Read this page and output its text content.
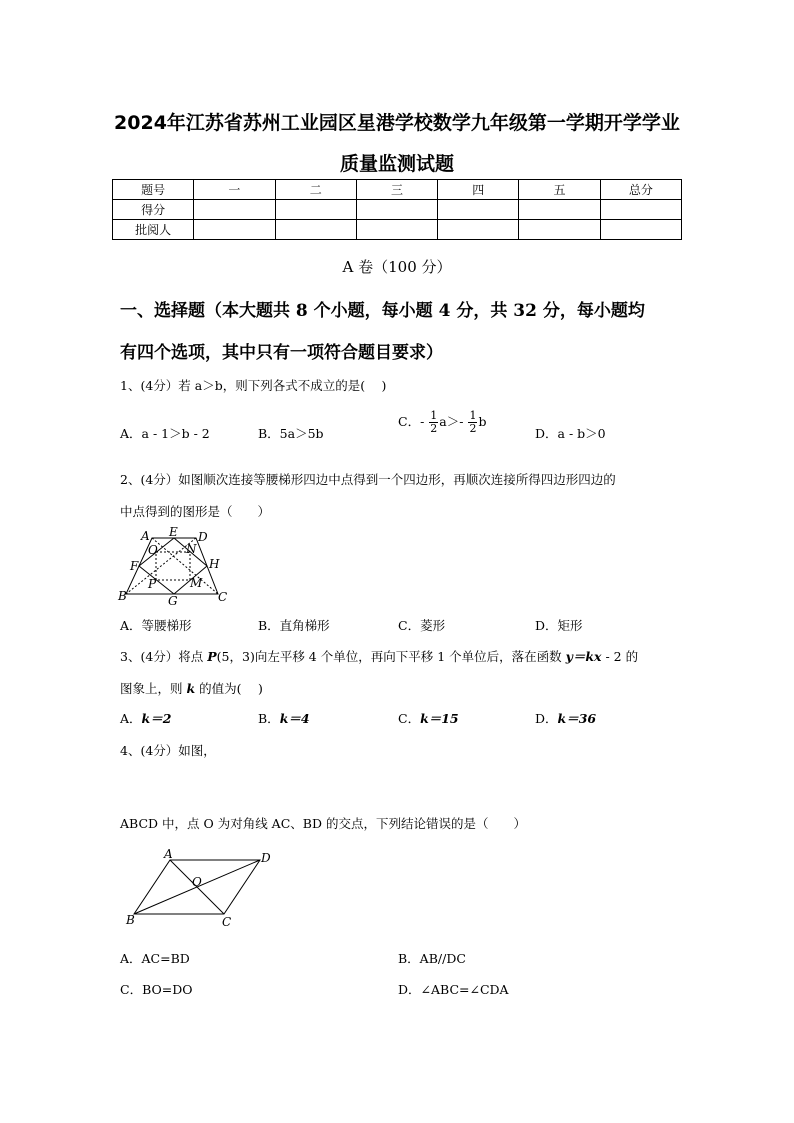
2024年江苏省苏州工业园区星港学校数学九年级第一学期开学学业
质量监测试题
题号	一	二	三	四	五	总分
得分						
批阅人						
A 卷（100 分）
一、选择题（本大题共 8 个小题，每小题 4 分，共 32 分，每小题均
有四个选项，其中只有一项符合题目要求）
1、(4分）若 a＞b，则下列各式不成立的是(　 )
A．a - 1＞b - 2	B．5a＞5b
C．- $\frac{1}{2} a>- \frac{1}{2}$ b
D．a - b＞0
2、(4分）如图顺次连接等腰梯形四边中点得到一个四边形，再顺次连接所得四边形四边的
中点得到的图形是（　　）
A E D
O N
F	H
P	M
B	G	C
A．等腰梯形	B．直角梯形	C．菱形	D．矩形
3、(4分）将点 P(5，3)向左平移 4 个单位，再向下平移 1 个单位后，落在函数 y＝kx - 2 的
图象上，则 k 的值为(　 )
A．k＝2	B．k＝4	C．k＝15	D．k＝36
4、(4分）如图，
ABCD 中，点 O 为对角线 AC、BD 的交点，下列结论错误的是（　　）
A	D
O
B	C
A．AC=BD	B．AB//DC
C．BO=DO	D．∠ABC=∠CDA
